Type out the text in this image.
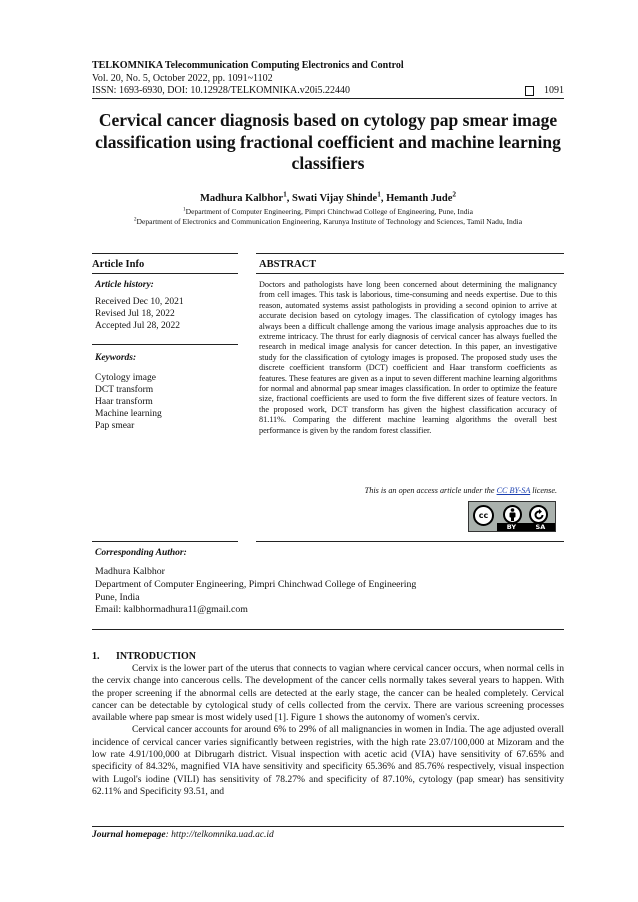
TELKOMNIKA Telecommunication Computing Electronics and Control
Vol. 20, No. 5, October 2022, pp. 1091~1102
ISSN: 1693-6930, DOI: 10.12928/TELKOMNIKA.v20i5.22440	1091
Cervical cancer diagnosis based on cytology pap smear image classification using fractional coefficient and machine learning classifiers
Madhura Kalbhor$^1$, Swati Vijay Shinde$^1$, Hemanth Jude$^2$
$^1$Department of Computer Engineering, Pimpri Chinchwad College of Engineering, Pune, India
$^2$Department of Electronics and Communication Engineering, Karunya Institute of Technology and Sciences, Tamil Nadu, India
Article Info
Article history:
Received Dec 10, 2021
Revised Jul 18, 2022
Accepted Jul 28, 2022
Keywords:
Cytology image
DCT transform
Haar transform
Machine learning
Pap smear
ABSTRACT
Doctors and pathologists have long been concerned about determining the malignancy from cell images. This task is laborious, time-consuming and needs expertise. Due to this reason, automated systems assist pathologists in providing a second opinion to arrive at accurate decision based on cytology images. The classification of cytology images has always been a difficult challenge among the various image analysis approaches due to its extreme intricacy. The thrust for early diagnosis of cervical cancer has always fuelled the research in medical image analysis for cancer detection. In this paper, an investigative study for the classification of cytology images is proposed. The proposed study uses the discrete coefficient transform (DCT) coefficient and Haar transform coefficients as features. These features are given as a input to seven different machine learning algorithms for normal and abnormal pap smear images classification. In order to optimize the feature size, fractional coefficients are used to form the five different sizes of feature vectors. In the proposed work, DCT transform has given the highest classification accuracy of 81.11%. Comparing the different machine learning algorithms the overall best performance is given by the random forest classifier.
This is an open access article under the CC BY-SA license.
cc
BY	SA
Corresponding Author:
Madhura Kalbhor
Department of Computer Engineering, Pimpri Chinchwad College of Engineering
Pune, India
Email: kalbhormadhura11@gmail.com
1. INTRODUCTION

Cervix is the lower part of the uterus that connects to vagian where cervical cancer occurs, when normal cells in the cervix change into cancerous cells. The development of the cancer cells normally takes several years to happen. With the proper screening if the abnormal cells are detected at the early stage, the cancer can be healed completely. Cervical cancer can be detectable by cytological study of cells collected from the cervix. There are various screening processes available where pap smear is most widely used [1]. Figure 1 shows the autonomy of women's cervix.

Cervical cancer accounts for around 6% to 29% of all malignancies in women in India. The age adjusted overall incidence of cervical cancer varies significantly between registries, with the high rate 23.07/100,000 at Mizoram and the low rate 4.91/100,000 at Dibrugarh district. Visual inspection with acetic acid (VIA) have sensitivity of 67.65% and specificity of 84.32%, magnified VIA have sensitivity and specificity 65.36% and 85.76% respectively, visual inspection with Lugol's iodine (VILI) has sensitivity of 78.27% and specificity of 87.10%, cytology (pap smear) has sensitivity 62.11% and Specificity 93.51, and

Journal homepage: http://telkomnika.uad.ac.id
